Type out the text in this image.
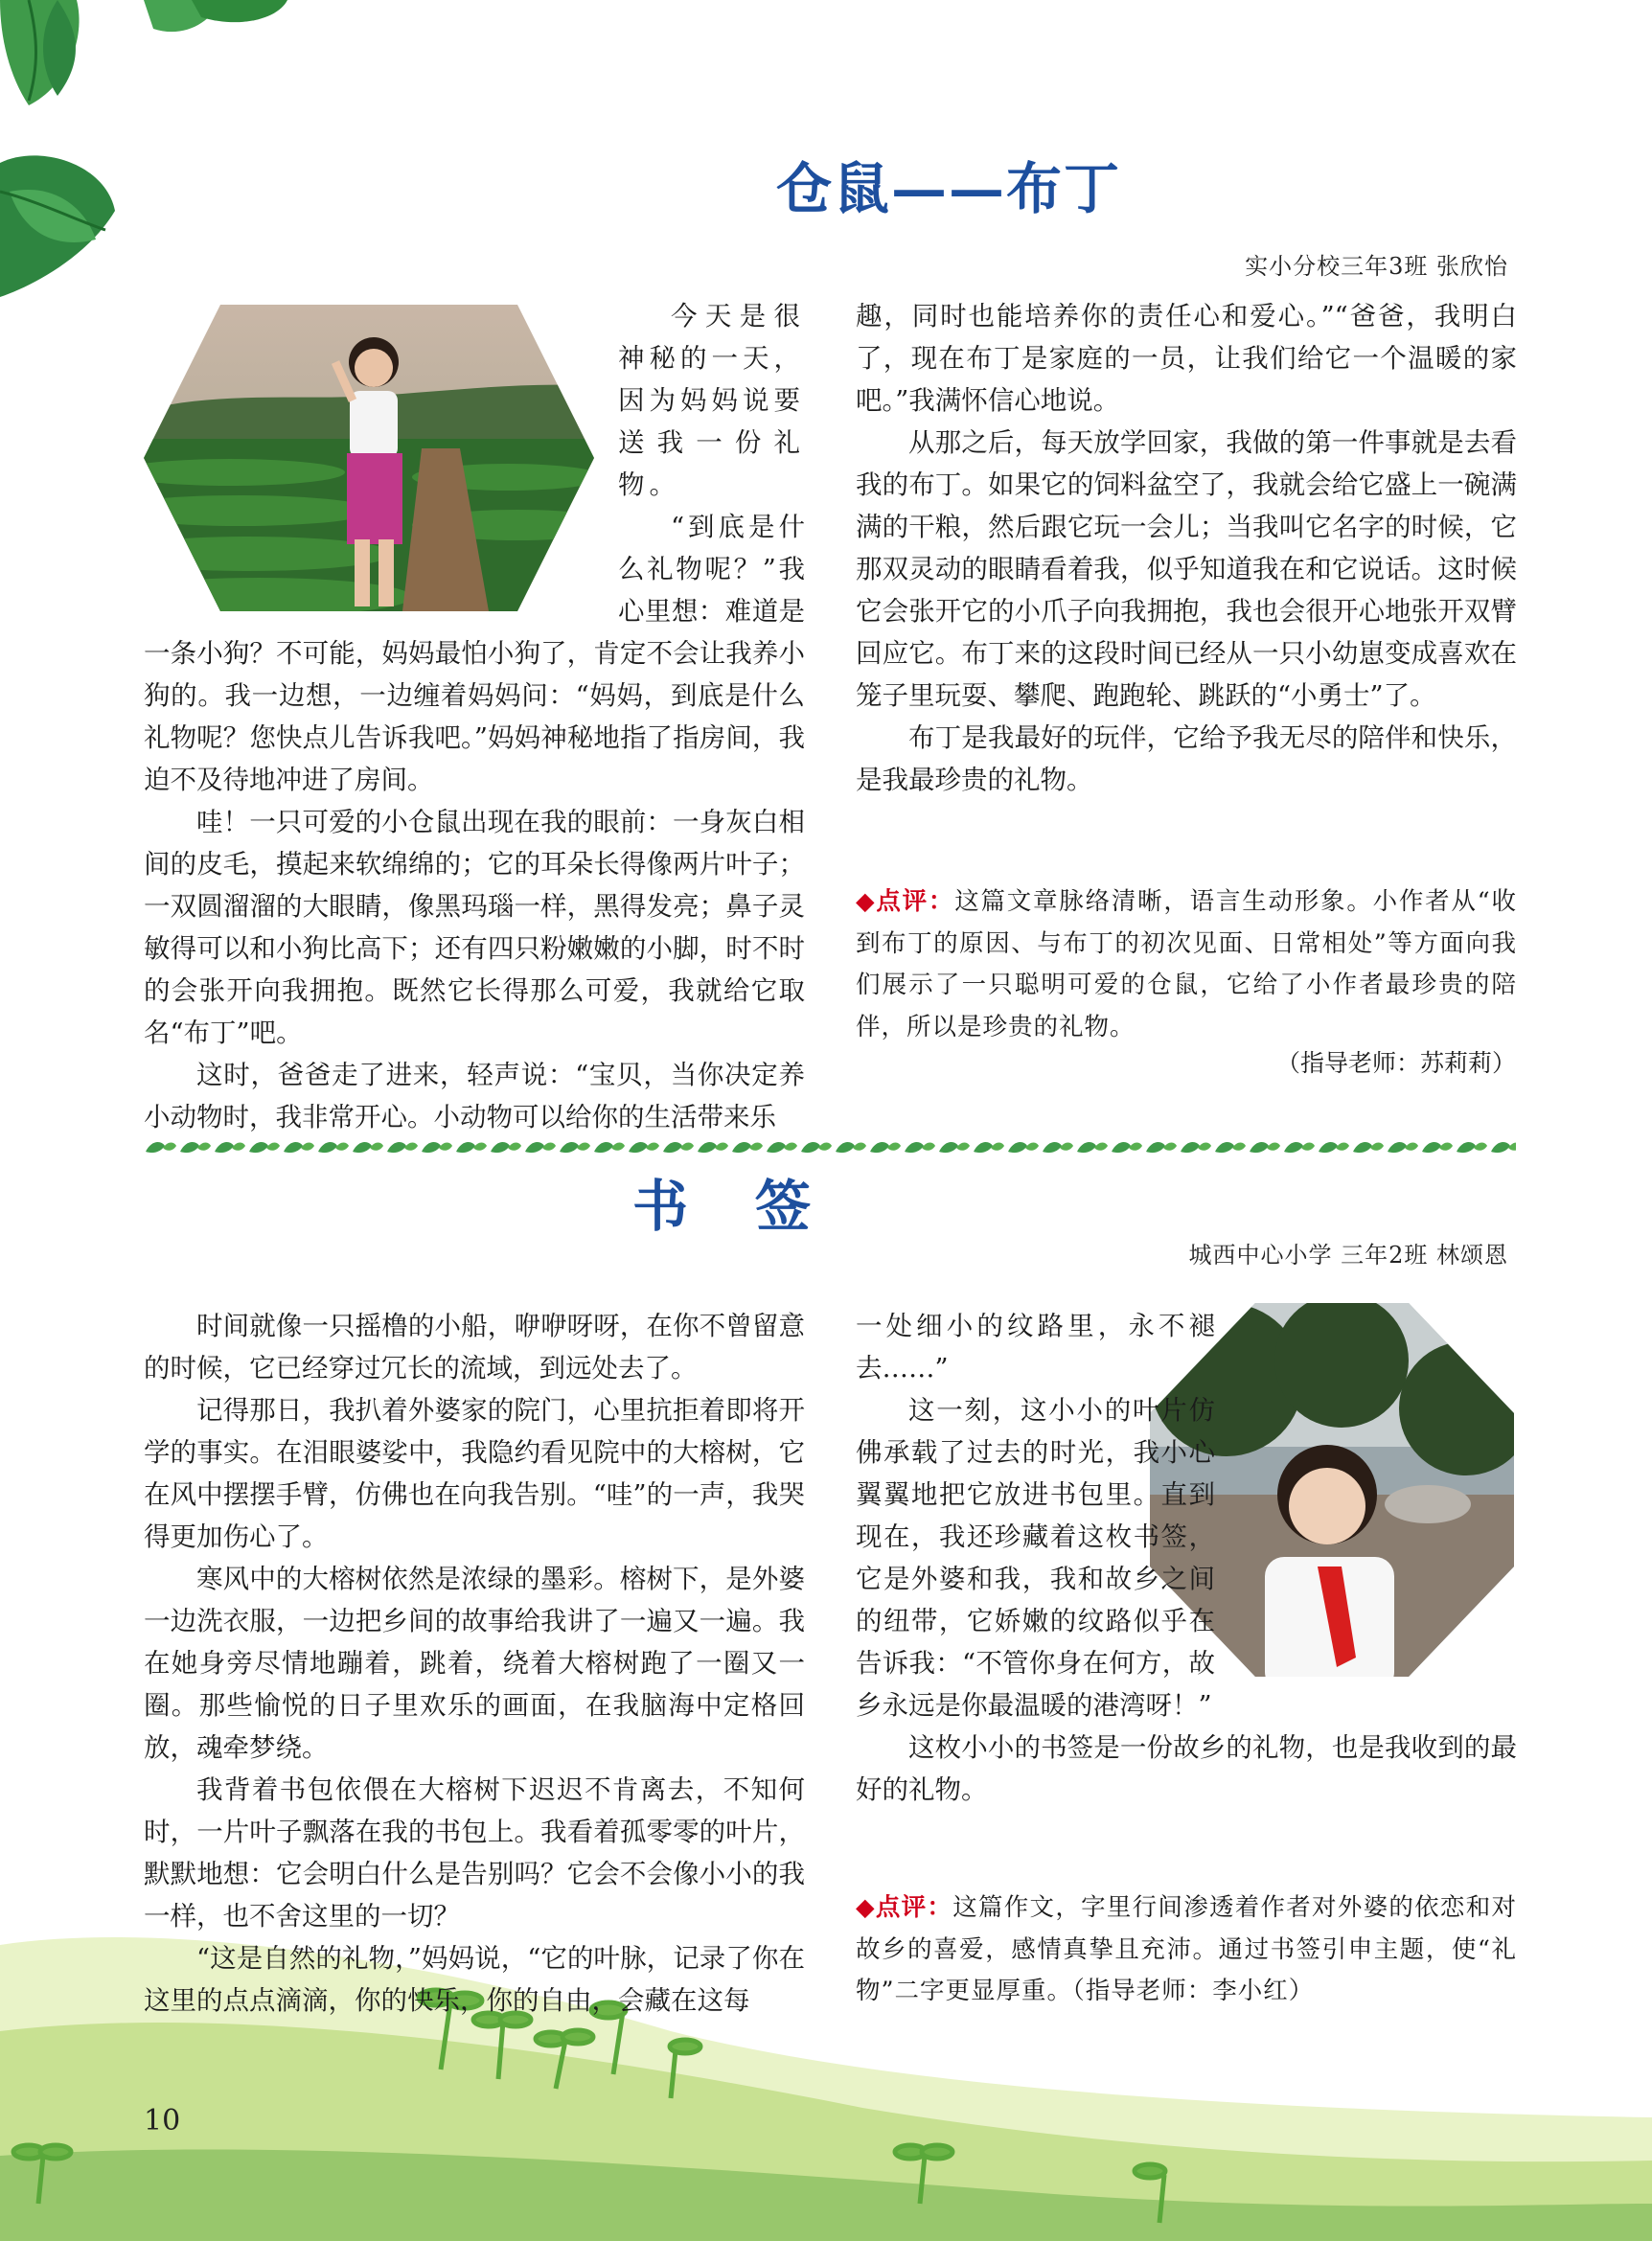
仓鼠——布丁
实小分校三年3班 张欣怡

今天是很神秘的一天，因为妈妈说要送我一份礼物。

“到底是什么礼物呢？”我心里想：难道是一条小狗？不可能，妈妈最怕小狗了，肯定不会让我养小狗的。我一边想，一边缠着妈妈问：“妈妈，到底是什么礼物呢？您快点儿告诉我吧。”妈妈神秘地指了指房间，我迫不及待地冲进了房间。

哇！一只可爱的小仓鼠出现在我的眼前：一身灰白相间的皮毛，摸起来软绵绵的；它的耳朵长得像两片叶子；一双圆溜溜的大眼睛，像黑玛瑙一样，黑得发亮；鼻子灵敏得可以和小狗比高下；还有四只粉嫩嫩的小脚，时不时的会张开向我拥抱。既然它长得那么可爱，我就给它取名“布丁”吧。

这时，爸爸走了进来，轻声说：“宝贝，当你决定养小动物时，我非常开心。小动物可以给你的生活带来乐

趣，同时也能培养你的责任心和爱心。”“爸爸，我明白了，现在布丁是家庭的一员，让我们给它一个温暖的家吧。”我满怀信心地说。

从那之后，每天放学回家，我做的第一件事就是去看我的布丁。如果它的饲料盆空了，我就会给它盛上一碗满满的干粮，然后跟它玩一会儿；当我叫它名字的时候，它那双灵动的眼睛看着我，似乎知道我在和它说话。这时候它会张开它的小爪子向我拥抱，我也会很开心地张开双臂回应它。布丁来的这段时间已经从一只小幼崽变成喜欢在笼子里玩耍、攀爬、跑跑轮、跳跃的“小勇士”了。

布丁是我最好的玩伴，它给予我无尽的陪伴和快乐，是我最珍贵的礼物。

◆点评：这篇文章脉络清晰，语言生动形象。小作者从“收到布丁的原因、与布丁的初次见面、日常相处”等方面向我们展示了一只聪明可爱的仓鼠，它给了小作者最珍贵的陪伴，所以是珍贵的礼物。
（指导老师：苏莉莉）
书　签
城西中心小学 三年2班 林颂恩

时间就像一只摇橹的小船，咿咿呀呀，在你不曾留意的时候，它已经穿过冗长的流域，到远处去了。

记得那日，我扒着外婆家的院门，心里抗拒着即将开学的事实。在泪眼婆娑中，我隐约看见院中的大榕树，它在风中摆摆手臂，仿佛也在向我告别。“哇”的一声，我哭得更加伤心了。

寒风中的大榕树依然是浓绿的墨彩。榕树下，是外婆一边洗衣服，一边把乡间的故事给我讲了一遍又一遍。我在她身旁尽情地蹦着，跳着，绕着大榕树跑了一圈又一圈。那些愉悦的日子里欢乐的画面，在我脑海中定格回放，魂牵梦绕。

我背着书包依偎在大榕树下迟迟不肯离去，不知何时，一片叶子飘落在我的书包上。我看着孤零零的叶片，默默地想：它会明白什么是告别吗？它会不会像小小的我一样，也不舍这里的一切？

“这是自然的礼物，”妈妈说，“它的叶脉，记录了你在这里的点点滴滴，你的快乐，你的自由，会藏在这每

一处细小的纹路里，永不褪去……”

这一刻，这小小的叶片仿佛承载了过去的时光，我小心翼翼地把它放进书包里。直到现在，我还珍藏着这枚书签，它是外婆和我，我和故乡之间的纽带，它娇嫩的纹路似乎在告诉我：“不管你身在何方，故乡永远是你最温暖的港湾呀！”

这枚小小的书签是一份故乡的礼物，也是我收到的最好的礼物。

◆点评：这篇作文，字里行间渗透着作者对外婆的依恋和对故乡的喜爱，感情真挚且充沛。通过书签引申主题，使“礼物”二字更显厚重。（指导老师：李小红）
10
